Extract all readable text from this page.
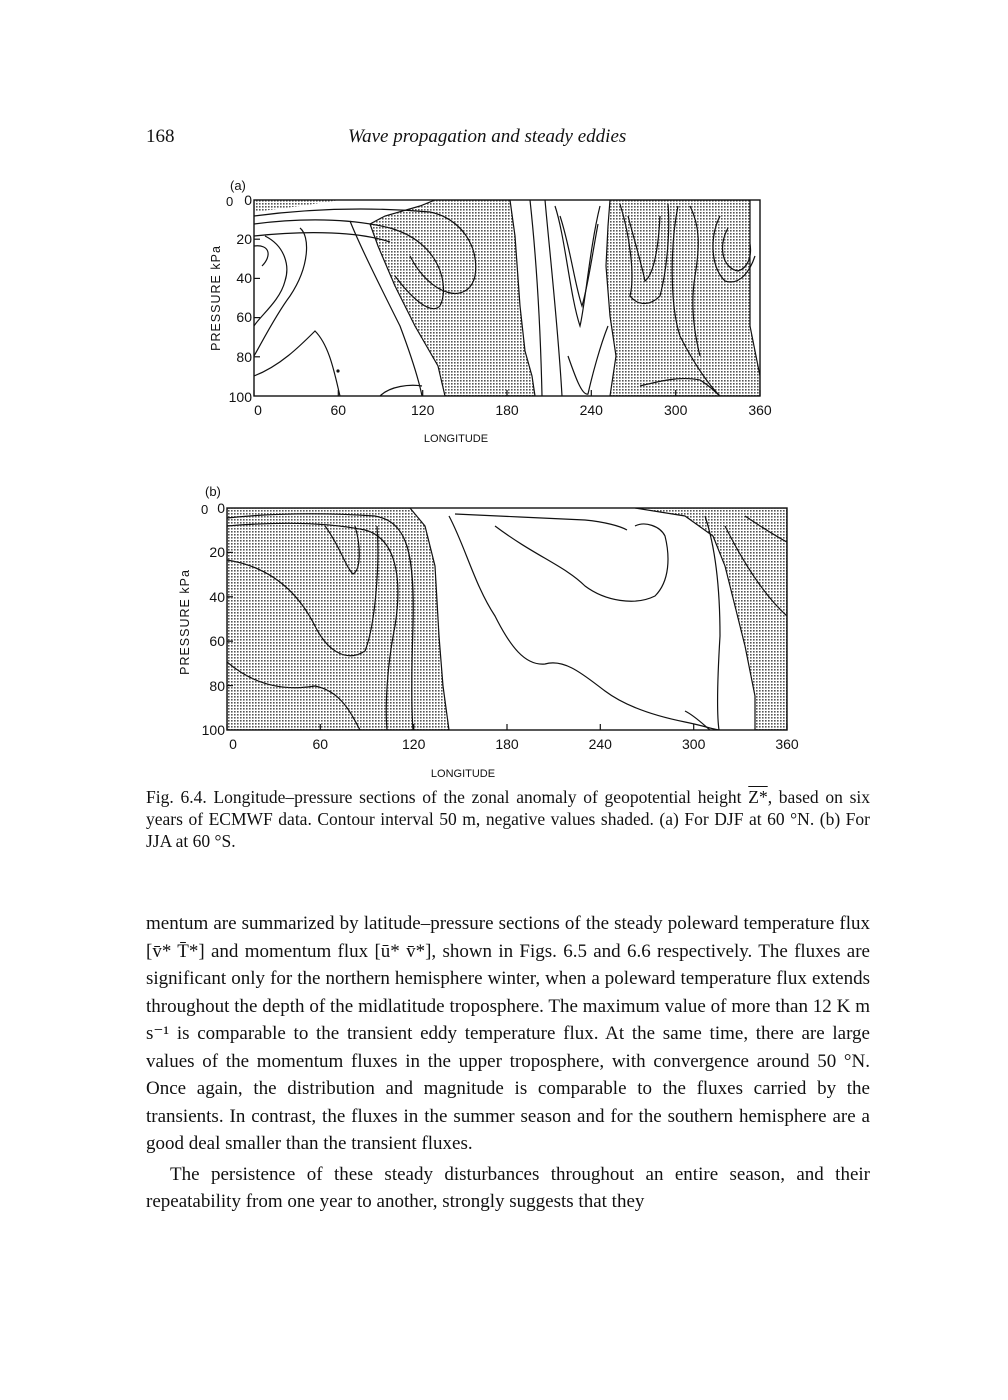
168	Wave propagation and steady eddies
(a)
0
PRESSURE kPa
0
20
40
60
80
100
0	60	120	180	240	300	360
LONGITUDE
(b)
0
PRESSURE kPa
0
20
40
60
80
100
0	60	120	180	240	300	360
LONGITUDE
Fig. 6.4. Longitude–pressure sections of the zonal anomaly of geopotential height Z*, based on six years of ECMWF data. Contour interval 50 m, negative values shaded. (a) For DJF at 60 °N. (b) For JJA at 60 °S.

mentum are summarized by latitude–pressure sections of the steady poleward temperature flux [v̄* T̄*] and momentum flux [ū* v̄*], shown in Figs. 6.5 and 6.6 respectively. The fluxes are significant only for the northern hemisphere winter, when a poleward temperature flux extends throughout the depth of the midlatitude troposphere. The maximum value of more than 12 K m s⁻¹ is comparable to the transient eddy temperature flux. At the same time, there are large values of the momentum fluxes in the upper troposphere, with convergence around 50 °N. Once again, the distribution and magnitude is comparable to the fluxes carried by the transients. In contrast, the fluxes in the summer season and for the southern hemisphere are a good deal smaller than the transient fluxes.

The persistence of these steady disturbances throughout an entire season, and their repeatability from one year to another, strongly suggests that they
